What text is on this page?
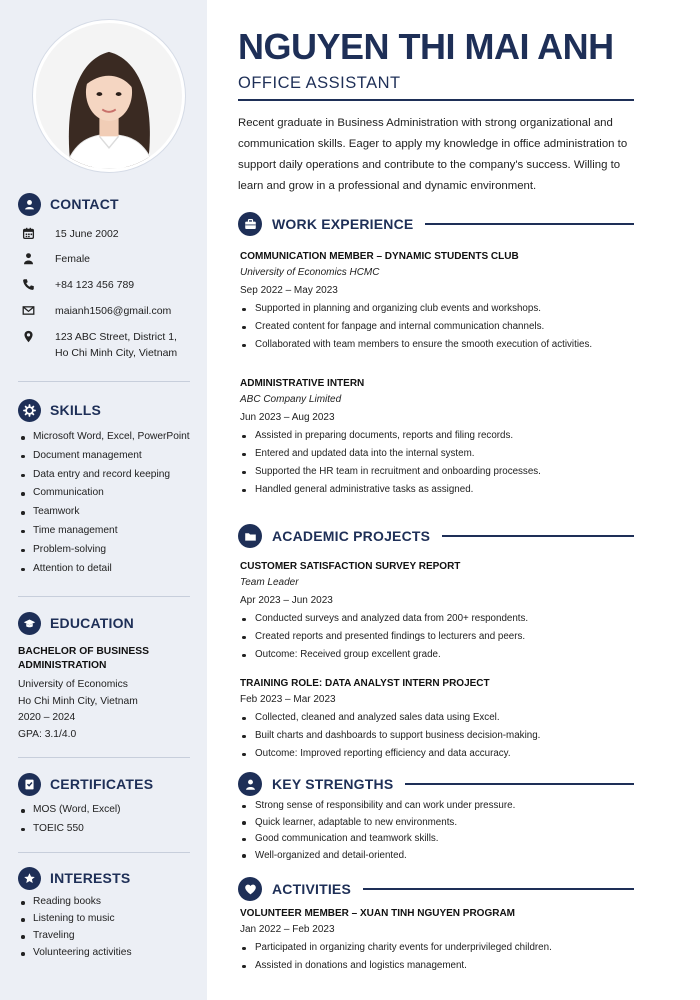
CONTACT
15 June 2002
Female
+84 123 456 789
maianh1506@gmail.com
123 ABC Street, District 1,
Ho Chi Minh City, Vietnam
SKILLS
Microsoft Word, Excel, PowerPoint
Document management
Data entry and record keeping
Communication
Teamwork
Time management
Problem-solving
Attention to detail
EDUCATION
BACHELOR OF BUSINESS
ADMINISTRATION
University of Economics
Ho Chi Minh City, Vietnam
2020 – 2024
GPA: 3.1/4.0
CERTIFICATES
MOS (Word, Excel)
TOEIC 550
INTERESTS
Reading books
Listening to music
Traveling
Volunteering activities
NGUYEN THI MAI ANH
OFFICE ASSISTANT
Recent graduate in Business Administration with strong organizational and communication skills. Eager to apply my knowledge in office administration to support daily operations and contribute to the company's success. Willing to learn and grow in a professional and dynamic environment.
WORK EXPERIENCE
COMMUNICATION MEMBER – DYNAMIC STUDENTS CLUB
University of Economics HCMC
Sep 2022 – May 2023
Supported in planning and organizing club events and workshops.
Created content for fanpage and internal communication channels.
Collaborated with team members to ensure the smooth execution of activities.
ADMINISTRATIVE INTERN
ABC Company Limited
Jun 2023 – Aug 2023
Assisted in preparing documents, reports and filing records.
Entered and updated data into the internal system.
Supported the HR team in recruitment and onboarding processes.
Handled general administrative tasks as assigned.
ACADEMIC PROJECTS
CUSTOMER SATISFACTION SURVEY REPORT
Team Leader
Apr 2023 – Jun 2023
Conducted surveys and analyzed data from 200+ respondents.
Created reports and presented findings to lecturers and peers.
Outcome: Received group excellent grade.
TRAINING ROLE: DATA ANALYST INTERN PROJECT
Feb 2023 – Mar 2023
Collected, cleaned and analyzed sales data using Excel.
Built charts and dashboards to support business decision-making.
Outcome: Improved reporting efficiency and data accuracy.
KEY STRENGTHS
Strong sense of responsibility and can work under pressure.
Quick learner, adaptable to new environments.
Good communication and teamwork skills.
Well-organized and detail-oriented.
ACTIVITIES
VOLUNTEER MEMBER – XUAN TINH NGUYEN PROGRAM
Jan 2022 – Feb 2023
Participated in organizing charity events for underprivileged children.
Assisted in donations and logistics management.
